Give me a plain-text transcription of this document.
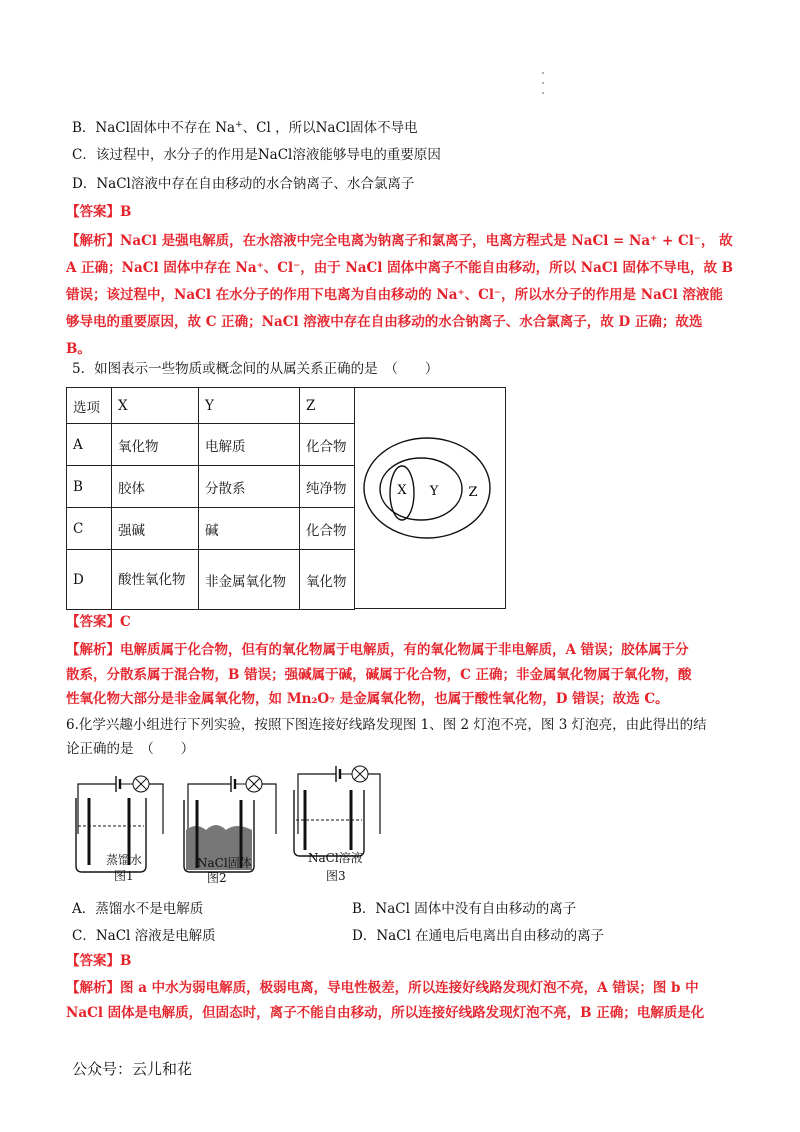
B．NaCl固体中不存在 Na+、Cl ，所以NaCl固体不导电
C．该过程中，水分子的作用是NaCl溶液能够导电的重要原因
D．NaCl溶液中存在自由移动的水合钠离子、水合氯离子
【答案】B
【解析】NaCl 是强电解质，在水溶液中完全电离为钠离子和氯离子，电离方程式是 NaCl = Na⁺ + Cl⁻， 故
A 正确；NaCl 固体中存在 Na⁺、Cl⁻，由于 NaCl 固体中离子不能自由移动，所以 NaCl 固体不导电，故 B
错误；该过程中，NaCl 在水分子的作用下电离为自由移动的 Na⁺、Cl⁻，所以水分子的作用是 NaCl 溶液能
够导电的重要原因，故 C 正确；NaCl 溶液中存在自由移动的水合钠离子、水合氯离子，故 D 正确；故选
B。
5．如图表示一些物质或概念间的从属关系正确的是　（　　）
选项	X	Y	Z
A	氧化物	电解质	化合物
B	胶体	分散系	纯净物
C	强碱	碱	化合物
D	酸性氧化物	非金属氧化物	氧化物
X Y Z
【答案】C
【解析】电解质属于化合物，但有的氧化物属于电解质，有的氧化物属于非电解质，A 错误；胶体属于分
散系，分散系属于混合物，B 错误；强碱属于碱，碱属于化合物，C 正确；非金属氧化物属于氧化物，酸
性氧化物大部分是非金属氧化物，如 Mn₂O₇ 是金属氧化物，也属于酸性氧化物，D 错误；故选 C。
6.化学兴趣小组进行下列实验，按照下图连接好线路发现图 1、图 2 灯泡不亮，图 3 灯泡亮，由此得出的结
论正确的是　（　　）
蒸馏水
图1
NaCl固体
图2
NaCl溶液
图3
A．蒸馏水不是电解质	B．NaCl 固体中没有自由移动的离子
C．NaCl 溶液是电解质	D．NaCl 在通电后电离出自由移动的离子
【答案】B
【解析】图 a 中水为弱电解质，极弱电离，导电性极差，所以连接好线路发现灯泡不亮，A 错误；图 b 中
NaCl 固体是电解质，但固态时，离子不能自由移动，所以连接好线路发现灯泡不亮，B 正确；电解质是化
公众号：云儿和花
